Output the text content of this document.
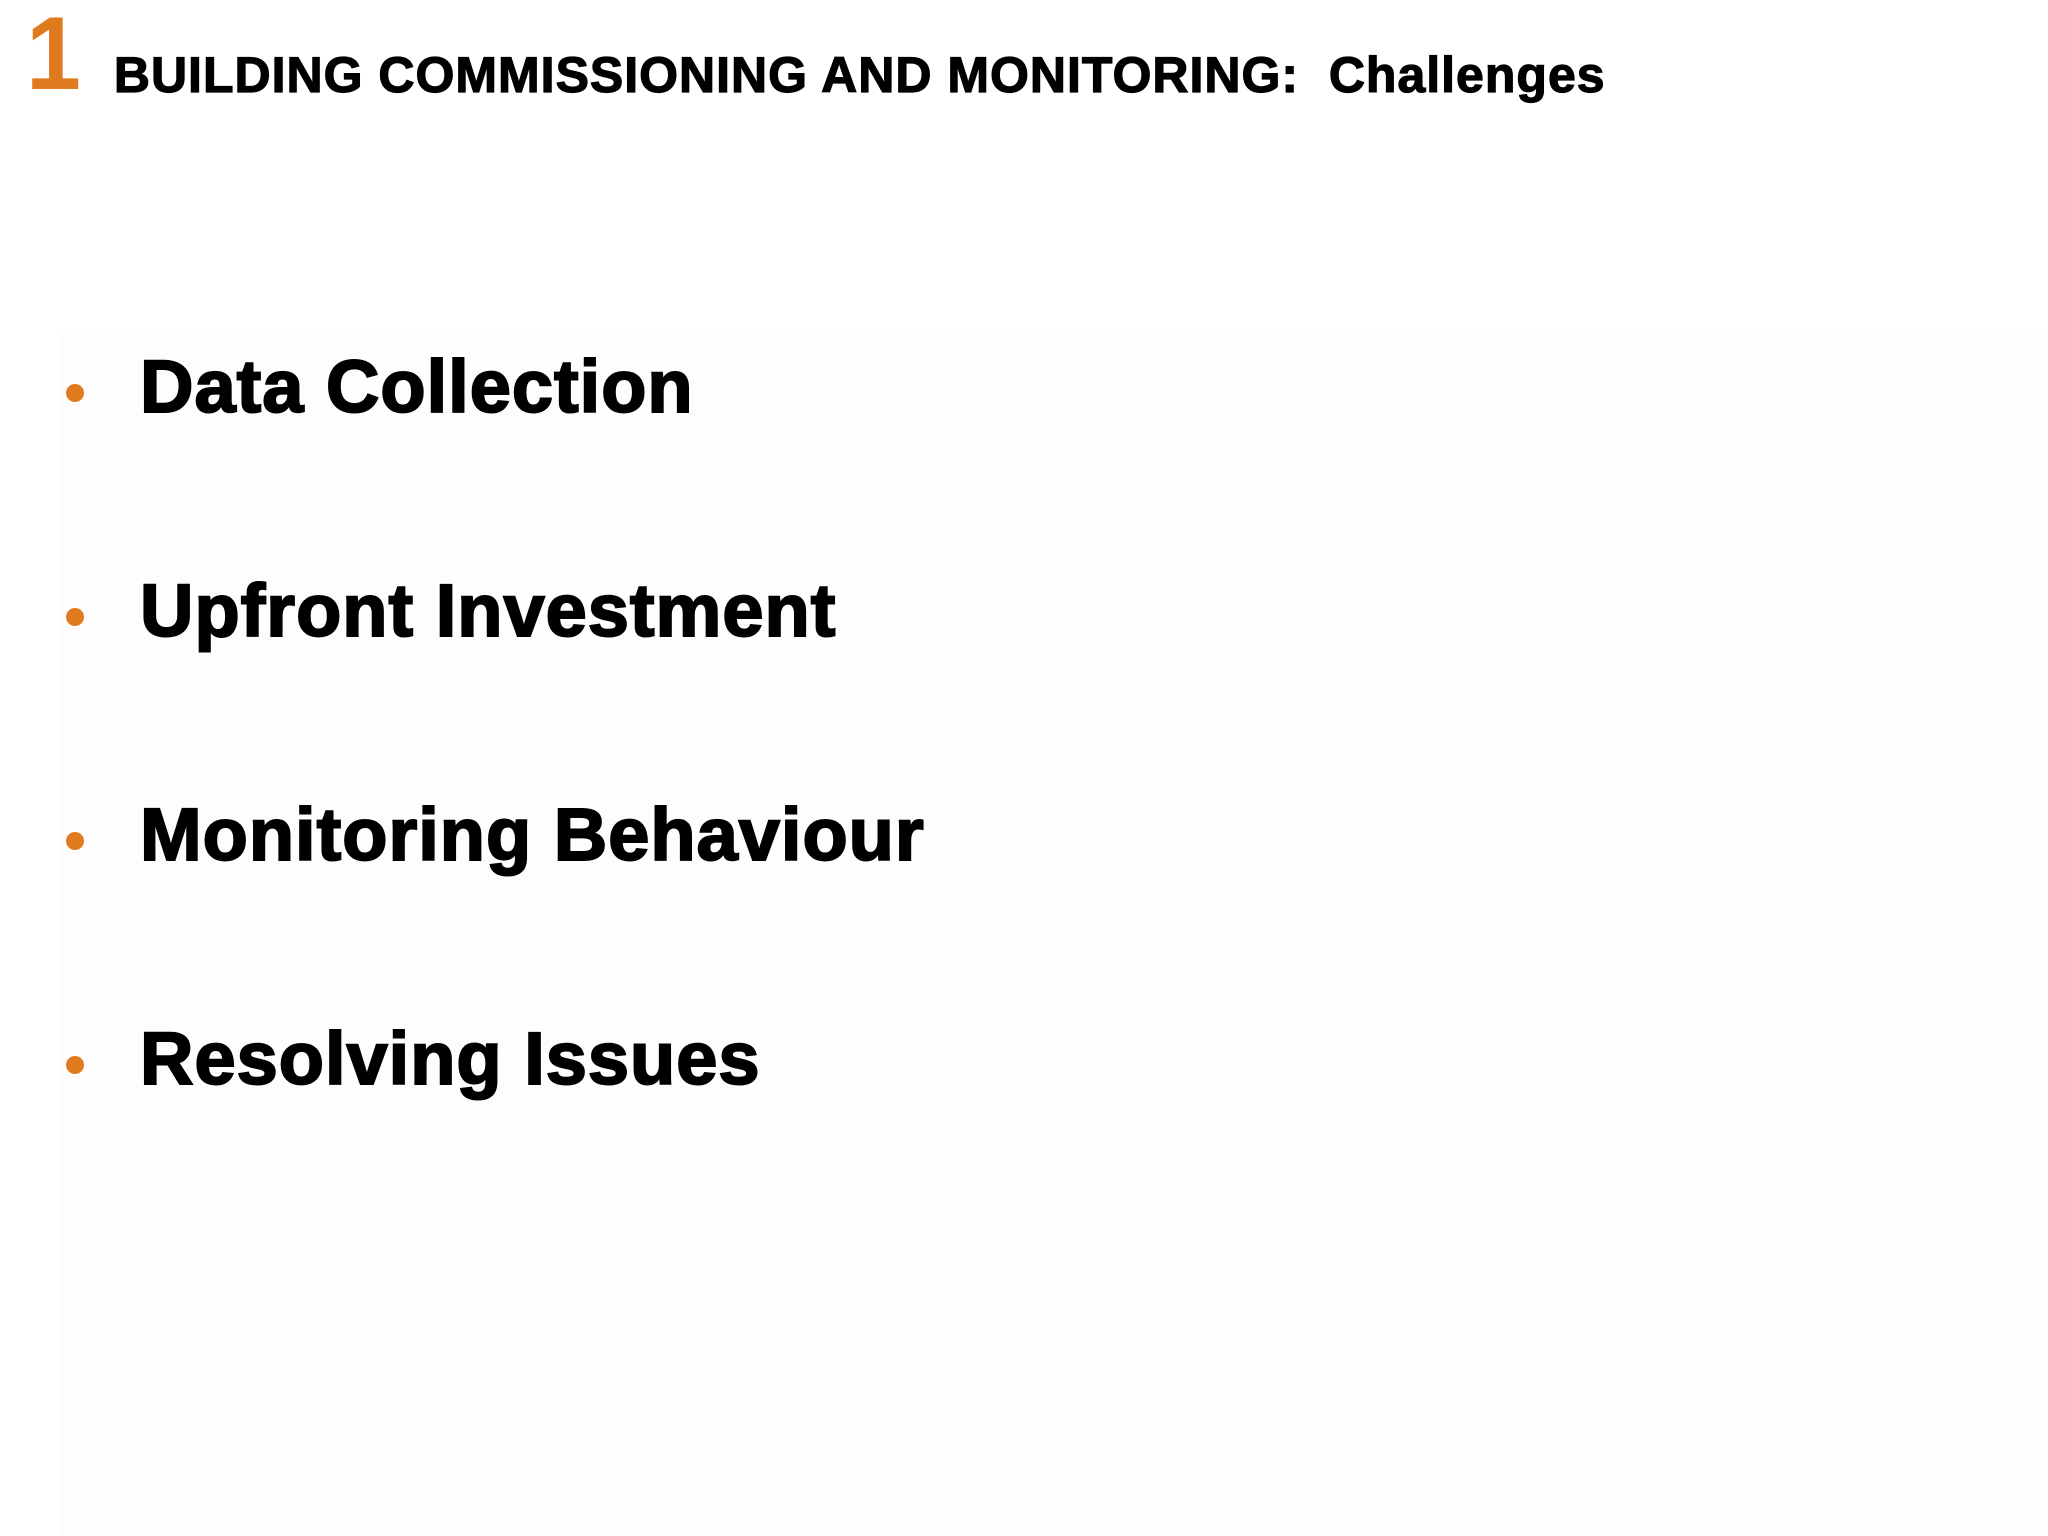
1 BUILDING COMMISSIONING AND MONITORING:  Challenges
Data Collection
Upfront Investment
Monitoring Behaviour
Resolving Issues
